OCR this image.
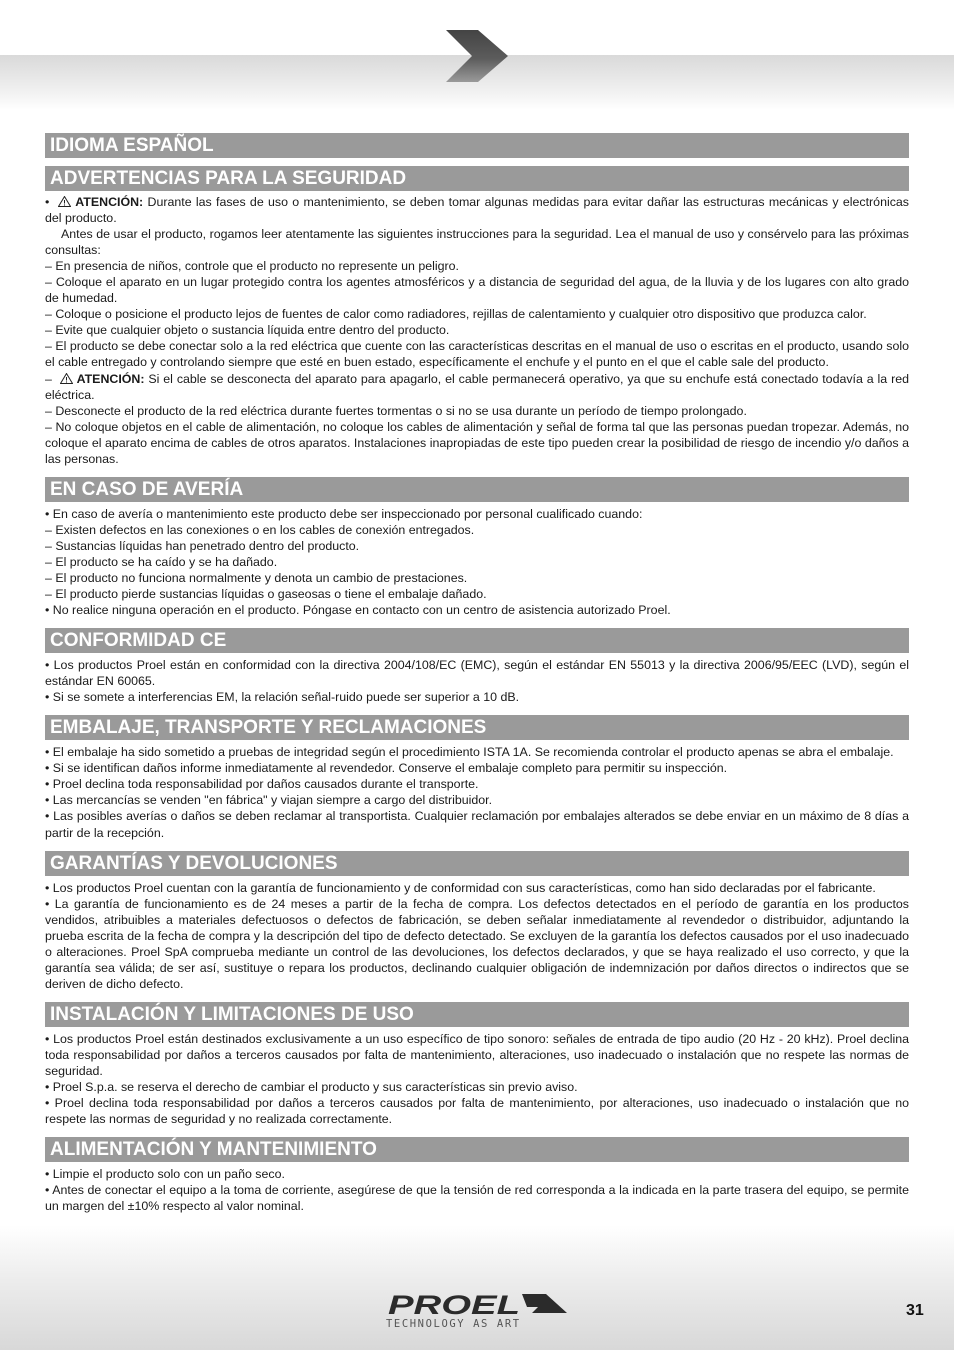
IDIOMA ESPAÑOL
ADVERTENCIAS PARA LA SEGURIDAD

• ATENCIÓN: Durante las fases de uso o mantenimiento, se deben tomar algunas medidas para evitar dañar las estructuras mecánicas y electrónicas del producto.

Antes de usar el producto, rogamos leer atentamente las siguientes instrucciones para la seguridad. Lea el manual de uso y consérvelo para las próximas consultas:

– En presencia de niños, controle que el producto no represente un peligro.

– Coloque el aparato en un lugar protegido contra los agentes atmosféricos y a distancia de seguridad del agua, de la lluvia y de los lugares con alto grado de humedad.

– Coloque o posicione el producto lejos de fuentes de calor como radiadores, rejillas de calentamiento y cualquier otro dispositivo que produzca calor.

– Evite que cualquier objeto o sustancia líquida entre dentro del producto.

– El producto se debe conectar solo a la red eléctrica que cuente con las características descritas en el manual de uso o escritas en el producto, usando solo el cable entregado y controlando siempre que esté en buen estado, específicamente el enchufe y el punto en el que el cable sale del producto.

– ATENCIÓN: Si el cable se desconecta del aparato para apagarlo, el cable permanecerá operativo, ya que su enchufe está conectado todavía a la red eléctrica.

– Desconecte el producto de la red eléctrica durante fuertes tormentas o si no se usa durante un período de tiempo prolongado.

– No coloque objetos en el cable de alimentación, no coloque los cables de alimentación y señal de forma tal que las personas puedan tropezar. Además, no coloque el aparato encima de cables de otros aparatos. Instalaciones inapropiadas de este tipo pueden crear la posibilidad de riesgo de incendio y/o daños a las personas.

EN CASO DE AVERÍA

• En caso de avería o mantenimiento este producto debe ser inspeccionado por personal cualificado cuando:

– Existen defectos en las conexiones o en los cables de conexión entregados.

– Sustancias líquidas han penetrado dentro del producto.

– El producto se ha caído y se ha dañado.

– El producto no funciona normalmente y denota un cambio de prestaciones.

– El producto pierde sustancias líquidas o gaseosas o tiene el embalaje dañado.

• No realice ninguna operación en el producto. Póngase en contacto con un centro de asistencia autorizado Proel.

CONFORMIDAD CE

• Los productos Proel están en conformidad con la directiva 2004/108/EC (EMC), según el estándar EN 55013 y la directiva 2006/95/EEC (LVD), según el estándar EN 60065.

• Si se somete a interferencias EM, la relación señal-ruido puede ser superior a 10 dB.

EMBALAJE, TRANSPORTE Y RECLAMACIONES

• El embalaje ha sido sometido a pruebas de integridad según el procedimiento ISTA 1A. Se recomienda controlar el producto apenas se abra el embalaje.

• Si se identifican daños informe inmediatamente al revendedor. Conserve el embalaje completo para permitir su inspección.

• Proel declina toda responsabilidad por daños causados durante el transporte.

• Las mercancías se venden "en fábrica" y viajan siempre a cargo del distribuidor.

• Las posibles averías o daños se deben reclamar al transportista. Cualquier reclamación por embalajes alterados se debe enviar en un máximo de 8 días a partir de la recepción.

GARANTÍAS Y DEVOLUCIONES

• Los productos Proel cuentan con la garantía de funcionamiento y de conformidad con sus características, como han sido declaradas por el fabricante.

• La garantía de funcionamiento es de 24 meses a partir de la fecha de compra. Los defectos detectados en el período de garantía en los productos vendidos, atribuibles a materiales defectuosos o defectos de fabricación, se deben señalar inmediatamente al revendedor o distribuidor, adjuntando la prueba escrita de la fecha de compra y la descripción del tipo de defecto detectado. Se excluyen de la garantía los defectos causados por el uso inadecuado o alteraciones. Proel SpA comprueba mediante un control de las devoluciones, los defectos declarados, y que se haya realizado el uso correcto, y que la garantía sea válida; de ser así, sustituye o repara los productos, declinando cualquier obligación de indemnización por daños directos o indirectos que se deriven de dicho defecto.

INSTALACIÓN Y LIMITACIONES DE USO

• Los productos Proel están destinados exclusivamente a un uso específico de tipo sonoro: señales de entrada de tipo audio (20 Hz - 20 kHz). Proel declina toda responsabilidad por daños a terceros causados por falta de mantenimiento, alteraciones, uso inadecuado o instalación que no respete las normas de seguridad.

• Proel S.p.a. se reserva el derecho de cambiar el producto y sus características sin previo aviso.

• Proel declina toda responsabilidad por daños a terceros causados por falta de mantenimiento, por alteraciones, uso inadecuado o instalación que no respete las normas de seguridad y no realizada correctamente.

ALIMENTACIÓN Y MANTENIMIENTO

• Limpie el producto solo con un paño seco.

• Antes de conectar el equipo a la toma de corriente, asegúrese de que la tensión de red corresponda a la indicada en la parte trasera del equipo, se permite un margen del ±10% respecto al valor nominal.

PROEL
TECHNOLOGY AS ART
31
